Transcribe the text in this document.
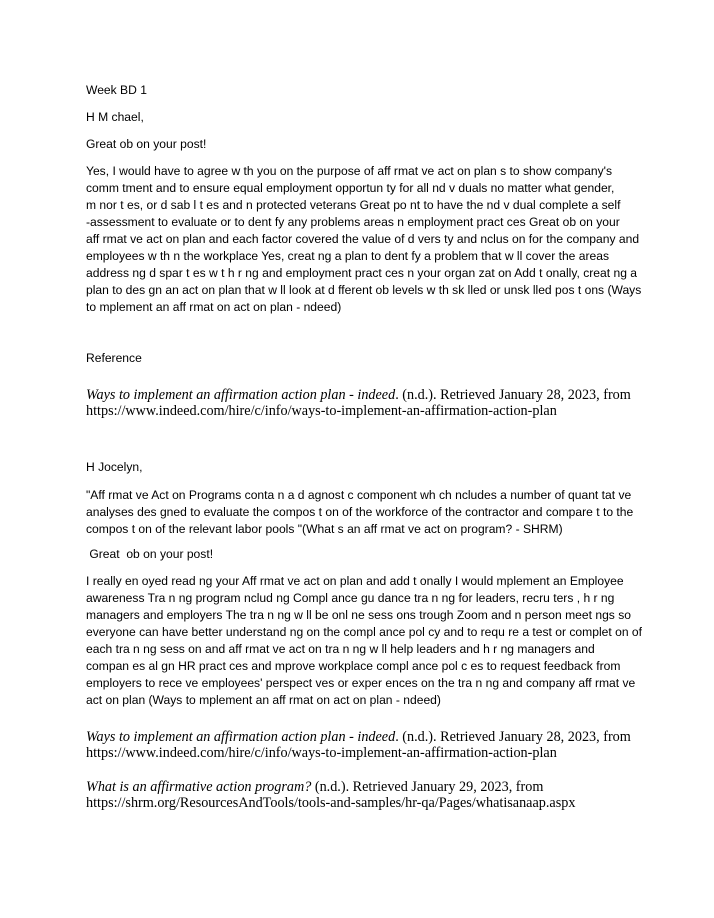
Week BD 1

H M chael,

Great ob on your post!

Yes, I would have to agree w th you on the purpose of aff rmat ve act on plan s to show company's
comm tment and to ensure equal employment opportun ty for all nd v duals no matter what gender,
m nor t es, or d sab l t es and n protected veterans Great po nt to have the nd v dual complete a self
-assessment to evaluate or to dent fy any problems areas n employment pract ces Great ob on your
aff rmat ve act on plan and each factor covered the value of d vers ty and nclus on for the company and
employees w th n the workplace Yes, creat ng a plan to dent fy a problem that w ll cover the areas
address ng d spar t es w t h r ng and employment pract ces n your organ zat on Add t onally, creat ng a
plan to des gn an act on plan that w ll look at d fferent ob levels w th sk lled or unsk lled pos t ons (Ways
to mplement an aff rmat on act on plan - ndeed)

Reference

Ways to implement an affirmation action plan - indeed. (n.d.). Retrieved January 28, 2023, from
https://www.indeed.com/hire/c/info/ways-to-implement-an-affirmation-action-plan

H Jocelyn,

"Aff rmat ve Act on Programs conta n a d agnost c component wh ch ncludes a number of quant tat ve
analyses des gned to evaluate the compos t on of the workforce of the contractor and compare t to the
compos t on of the relevant labor pools "(What s an aff rmat ve act on program? - SHRM)

Great  ob on your post!

I really en oyed read ng your Aff rmat ve act on plan and add t onally I would mplement an Employee
awareness Tra n ng program nclud ng Compl ance gu dance tra n ng for leaders, recru ters , h r ng
managers and employers The tra n ng w ll be onl ne sess ons trough Zoom and n person meet ngs so
everyone can have better understand ng on the compl ance pol cy and to requ re a test or complet on of
each tra n ng sess on and aff rmat ve act on tra n ng w ll help leaders and h r ng managers and
compan es al gn HR pract ces and mprove workplace compl ance pol c es to request feedback from
employers to rece ve employees' perspect ves or exper ences on the tra n ng and company aff rmat ve
act on plan (Ways to mplement an aff rmat on act on plan - ndeed)

Ways to implement an affirmation action plan - indeed. (n.d.). Retrieved January 28, 2023, from
https://www.indeed.com/hire/c/info/ways-to-implement-an-affirmation-action-plan

What is an affirmative action program? (n.d.). Retrieved January 29, 2023, from
https://shrm.org/ResourcesAndTools/tools-and-samples/hr-qa/Pages/whatisanaap.aspx
